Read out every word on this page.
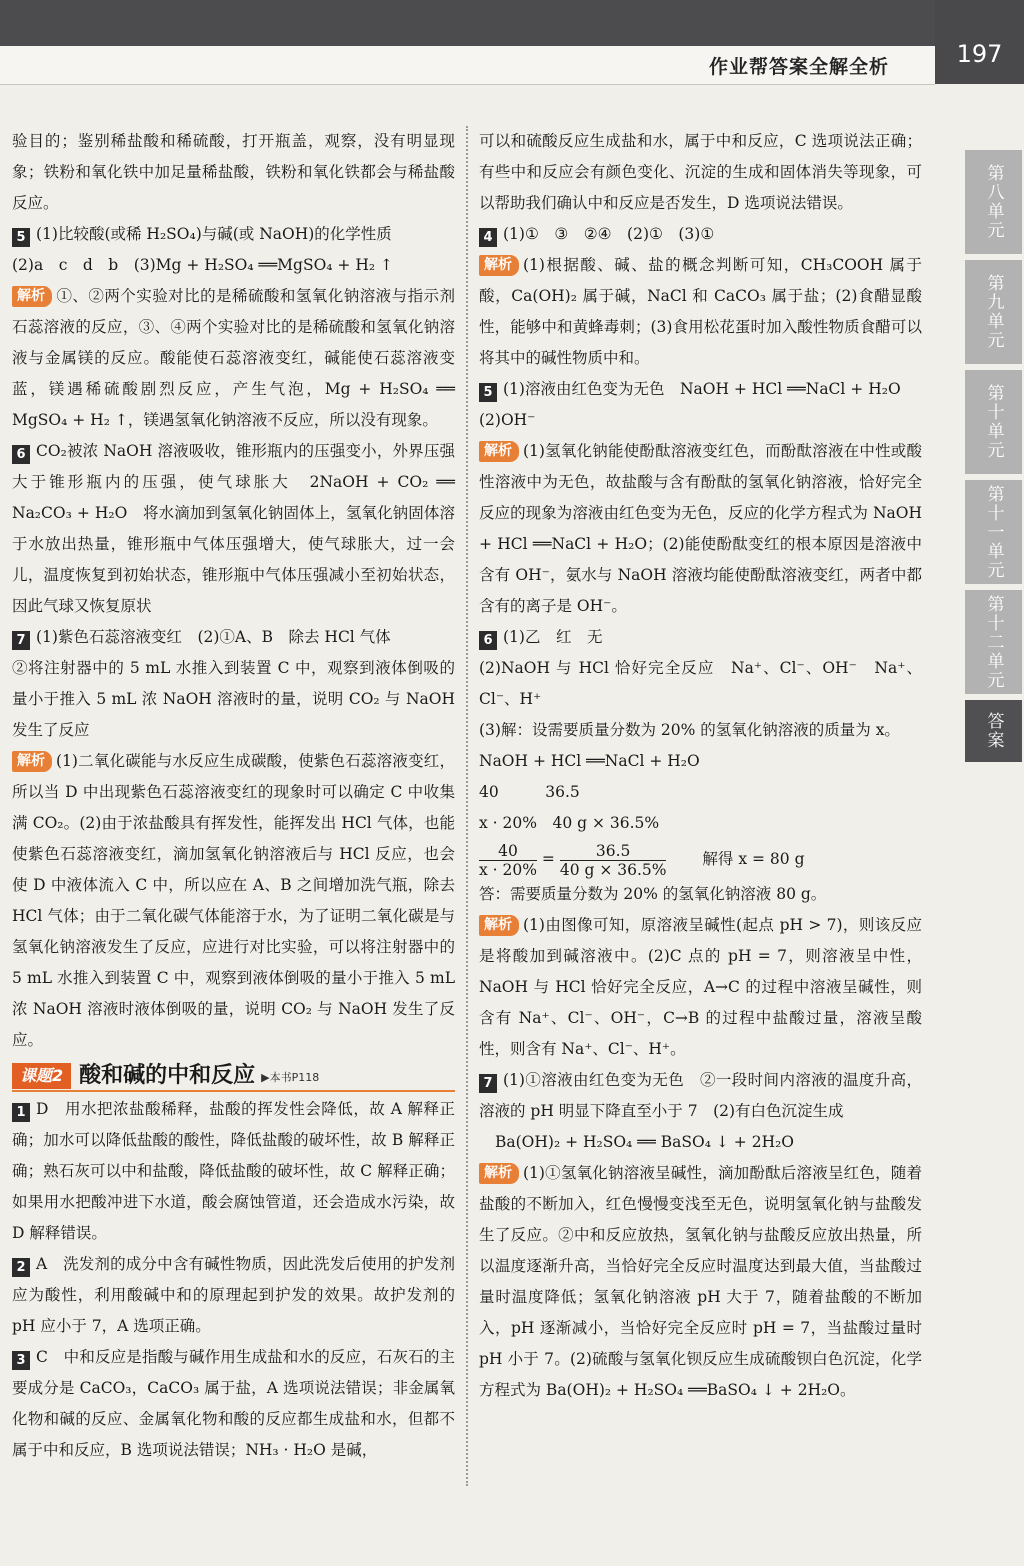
作业帮答案全解全析	197

验目的；鉴别稀盐酸和稀硫酸，打开瓶盖，观察，没有明显现象；铁粉和氧化铁中加足量稀盐酸，铁粉和氧化铁都会与稀盐酸反应。

5 (1)比较酸(或稀 H₂SO₄)与碱(或 NaOH)的化学性质

(2)a　c　d　b　(3)Mg + H₂SO₄ ══MgSO₄ + H₂ ↑

解析 ①、②两个实验对比的是稀硫酸和氢氧化钠溶液与指示剂石蕊溶液的反应，③、④两个实验对比的是稀硫酸和氢氧化钠溶液与金属镁的反应。酸能使石蕊溶液变红，碱能使石蕊溶液变蓝，镁遇稀硫酸剧烈反应，产生气泡，Mg + H₂SO₄ ══ MgSO₄ + H₂ ↑，镁遇氢氧化钠溶液不反应，所以没有现象。

6 CO₂被浓 NaOH 溶液吸收，锥形瓶内的压强变小，外界压强大于锥形瓶内的压强，使气球胀大　2NaOH + CO₂ ══ Na₂CO₃ + H₂O　将水滴加到氢氧化钠固体上，氢氧化钠固体溶于水放出热量，锥形瓶中气体压强增大，使气球胀大，过一会儿，温度恢复到初始状态，锥形瓶中气体压强减小至初始状态，因此气球又恢复原状

7 (1)紫色石蕊溶液变红　(2)①A、B　除去 HCl 气体

②将注射器中的 5 mL 水推入到装置 C 中，观察到液体倒吸的量小于推入 5 mL 浓 NaOH 溶液时的量，说明 CO₂ 与 NaOH 发生了反应

解析 (1)二氧化碳能与水反应生成碳酸，使紫色石蕊溶液变红，所以当 D 中出现紫色石蕊溶液变红的现象时可以确定 C 中收集满 CO₂。(2)由于浓盐酸具有挥发性，能挥发出 HCl 气体，也能使紫色石蕊溶液变红，滴加氢氧化钠溶液后与 HCl 反应，也会使 D 中液体流入 C 中，所以应在 A、B 之间增加洗气瓶，除去 HCl 气体；由于二氧化碳气体能溶于水，为了证明二氧化碳是与氢氧化钠溶液发生了反应，应进行对比实验，可以将注射器中的 5 mL 水推入到装置 C 中，观察到液体倒吸的量小于推入 5 mL 浓 NaOH 溶液时液体倒吸的量，说明 CO₂ 与 NaOH 发生了反应。

课题2 酸和碱的中和反应 ▶本书P118

1 D　用水把浓盐酸稀释，盐酸的挥发性会降低，故 A 解释正确；加水可以降低盐酸的酸性，降低盐酸的破坏性，故 B 解释正确；熟石灰可以中和盐酸，降低盐酸的破坏性，故 C 解释正确；如果用水把酸冲进下水道，酸会腐蚀管道，还会造成水污染，故 D 解释错误。

2 A　洗发剂的成分中含有碱性物质，因此洗发后使用的护发剂应为酸性，利用酸碱中和的原理起到护发的效果。故护发剂的 pH 应小于 7，A 选项正确。

3 C　中和反应是指酸与碱作用生成盐和水的反应，石灰石的主要成分是 CaCO₃，CaCO₃ 属于盐，A 选项说法错误；非金属氧化物和碱的反应、金属氧化物和酸的反应都生成盐和水，但都不属于中和反应，B 选项说法错误；NH₃ · H₂O 是碱，

可以和硫酸反应生成盐和水，属于中和反应，C 选项说法正确；有些中和反应会有颜色变化、沉淀的生成和固体消失等现象，可以帮助我们确认中和反应是否发生，D 选项说法错误。

4 (1)①　③　②④　(2)①　(3)①

解析 (1)根据酸、碱、盐的概念判断可知，CH₃COOH 属于酸，Ca(OH)₂ 属于碱，NaCl 和 CaCO₃ 属于盐；(2)食醋显酸性，能够中和黄蜂毒刺；(3)食用松花蛋时加入酸性物质食醋可以将其中的碱性物质中和。

5 (1)溶液由红色变为无色　NaOH + HCl ══NaCl + H₂O

(2)OH⁻

解析 (1)氢氧化钠能使酚酞溶液变红色，而酚酞溶液在中性或酸性溶液中为无色，故盐酸与含有酚酞的氢氧化钠溶液，恰好完全反应的现象为溶液由红色变为无色，反应的化学方程式为 NaOH + HCl ══NaCl + H₂O；(2)能使酚酞变红的根本原因是溶液中含有 OH⁻，氨水与 NaOH 溶液均能使酚酞溶液变红，两者中都含有的离子是 OH⁻。

6 (1)乙　红　无

(2)NaOH 与 HCl 恰好完全反应　Na⁺、Cl⁻、OH⁻　Na⁺、Cl⁻、H⁺

(3)解：设需要质量分数为 20% 的氢氧化钠溶液的质量为 x。

NaOH + HCl ══NaCl + H₂O

40　　　36.5

x · 20%　40 g × 36.5%

$\frac{40}{x \cdot 20\%} = \frac{36.5}{40 g \times 36.5\%}$
　　 解得 x = 80 g

答：需要质量分数为 20% 的氢氧化钠溶液 80 g。

解析 (1)由图像可知，原溶液呈碱性(起点 pH > 7)，则该反应是将酸加到碱溶液中。(2)C 点的 pH = 7，则溶液呈中性，NaOH 与 HCl 恰好完全反应，A→C 的过程中溶液呈碱性，则含有 Na⁺、Cl⁻、OH⁻，C→B 的过程中盐酸过量，溶液呈酸性，则含有 Na⁺、Cl⁻、H⁺。

7 (1)①溶液由红色变为无色　②一段时间内溶液的温度升高，溶液的 pH 明显下降直至小于 7　(2)有白色沉淀生成

Ba(OH)₂ + H₂SO₄ ══ BaSO₄ ↓ + 2H₂O

解析 (1)①氢氧化钠溶液呈碱性，滴加酚酞后溶液呈红色，随着盐酸的不断加入，红色慢慢变浅至无色，说明氢氧化钠与盐酸发生了反应。②中和反应放热，氢氧化钠与盐酸反应放出热量，所以温度逐渐升高，当恰好完全反应时温度达到最大值，当盐酸过量时温度降低；氢氧化钠溶液 pH 大于 7，随着盐酸的不断加入，pH 逐渐减小，当恰好完全反应时 pH = 7，当盐酸过量时 pH 小于 7。(2)硫酸与氢氧化钡反应生成硫酸钡白色沉淀，化学方程式为 Ba(OH)₂ + H₂SO₄ ══BaSO₄ ↓ + 2H₂O。

第八单元
第九单元
第十单元
第十一单元
第十二单元
答案
